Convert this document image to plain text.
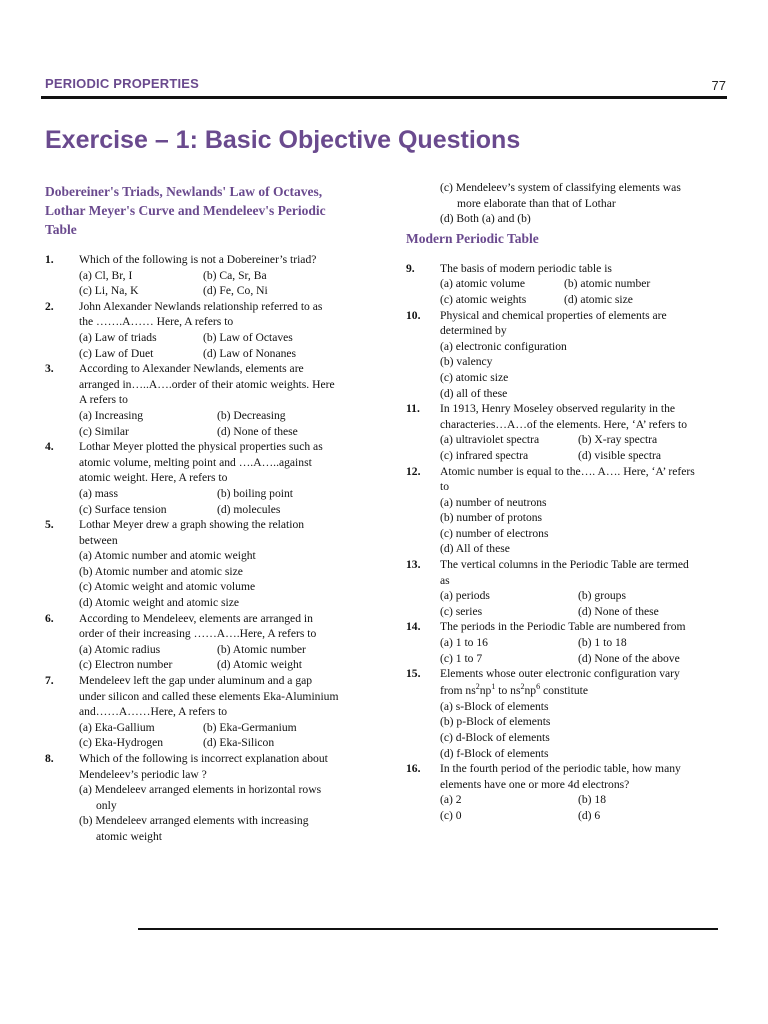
PERIODIC PROPERTIES	77
Exercise – 1: Basic Objective Questions
Dobereiner's Triads, Newlands' Law of Octaves,
Lothar Meyer's Curve and Mendeleev's Periodic
Table
1. Which of the following is not a Dobereiner’s triad?
(a) Cl, Br, I	(b) Ca, Sr, Ba
(c) Li, Na, K	(d) Fe, Co, Ni
2. John Alexander Newlands relationship referred to as
the …….A…… Here, A refers to
(a) Law of triads	(b) Law of Octaves
(c) Law of Duet	(d) Law of Nonanes
3. According to Alexander Newlands, elements are
arranged in…..A….order of their atomic weights. Here
A refers to
(a) Increasing	(b) Decreasing
(c) Similar	(d) None of these
4. Lothar Meyer plotted the physical properties such as
atomic volume, melting point and ….A…..against
atomic weight. Here, A refers to
(a) mass	(b) boiling point
(c) Surface tension	(d) molecules
5. Lothar Meyer drew a graph showing the relation
between
(a) Atomic number and atomic weight
(b) Atomic number and atomic size
(c) Atomic weight and atomic volume
(d) Atomic weight and atomic size
6. According to Mendeleev, elements are arranged in
order of their increasing ……A….Here, A refers to
(a) Atomic radius	(b) Atomic number
(c) Electron number	(d) Atomic weight
7. Mendeleev left the gap under aluminum and a gap
under silicon and called these elements Eka-Aluminium
and……A……Here, A refers to
(a) Eka-Gallium	(b) Eka-Germanium
(c) Eka-Hydrogen	(d) Eka-Silicon
8. Which of the following is incorrect explanation about
Mendeleev’s periodic law ?
(a) Mendeleev arranged elements in horizontal rows
only
(b) Mendeleev arranged elements with increasing
atomic weight
(c) Mendeleev’s system of classifying elements was
more elaborate than that of Lothar
(d) Both (a) and (b)
Modern Periodic Table
9. The basis of modern periodic table is
(a) atomic volume	(b) atomic number
(c) atomic weights	(d) atomic size
10. Physical and chemical properties of elements are
determined by
(a) electronic configuration
(b) valency
(c) atomic size
(d) all of these
11. In 1913, Henry Moseley observed regularity in the
characteries…A…of the elements. Here, ‘A’ refers to
(a) ultraviolet spectra	(b) X-ray spectra
(c) infrared spectra	(d) visible spectra
12. Atomic number is equal to the…. A…. Here, ‘A’ refers
to
(a) number of neutrons
(b) number of protons
(c) number of electrons
(d) All of these
13. The vertical columns in the Periodic Table are termed
as
(a) periods	(b) groups
(c) series	(d) None of these
14. The periods in the Periodic Table are numbered from
(a) 1 to 16	(b) 1 to 18
(c) 1 to 7	(d) None of the above
15. Elements whose outer electronic configuration vary
from $ns^2np^1$ to $ns^2np^6$ constitute
(a) s-Block of elements
(b) p-Block of elements
(c) d-Block of elements
(d) f-Block of elements
16. In the fourth period of the periodic table, how many
elements have one or more 4d electrons?
(a) 2	(b) 18
(c) 0	(d) 6
